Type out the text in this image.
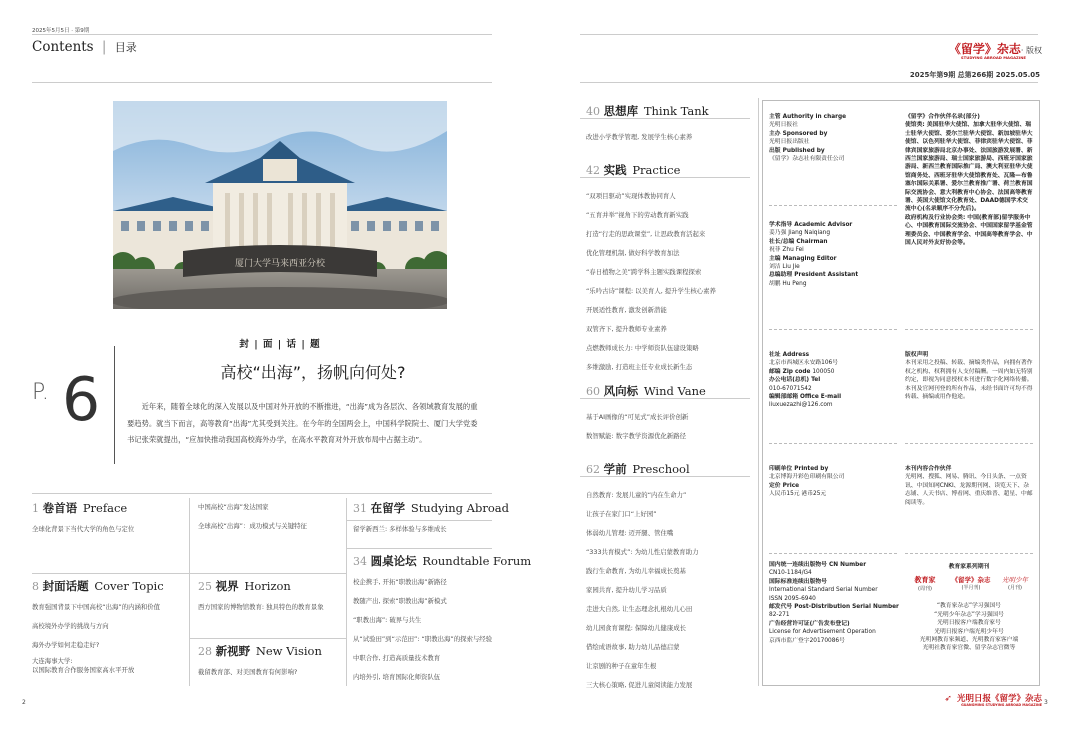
2025年5月5日 · 第9期
Contents | 目录
厦门大学马来西亚分校
封 | 面 | 话 | 题
高校“出海”，扬帆向何处?
P. 6	近年来，随着全球化的深入发展以及中国对外开放的不断推进，“出海”成为各层次、各领域教育发展的重要趋势。就当下而言，高等教育“出海”尤其受到关注。在今年的全国两会上，中国科学院院士、厦门大学党委书记张荣就提出，“应加快推动我国高校海外办学，在高水平教育对外开放布局中占据主动”。
1 卷首语 Preface
全球化背景下当代大学的角色与定位
8 封面话题 Cover Topic
教育强国背景下中国高校“出海”的内涵和价值
高校境外办学的挑战与方向
海外办学如何走稳走好?
大连海事大学:
以国际教育合作服务国家高水平开放
中国高校“出海”发达国家
全球高校“出海”：成功模式与关键特征
25 视界 Horizon
西方国家的博物馆教育: 独具特色的教育景象
28 新视野 New Vision
截留教育部、对美国教育有何影响?
31 在留学 Studying Abroad
留学新西兰: 多样体验与多维成长
34 圆桌论坛 Roundtable Forum
校企携手, 开拓“职教出海”新路径
教随产出, 探索“职教出海”新模式
“职教出海”: 破界与共生
从“试验田”到“示范田”: “职教出海”的探索与经验
中职合作, 打造高质量技术教育
内培外引, 培育国际化师资队伍
2
《留学》杂志· 版权
STUDYING ABROAD MAGAZINE
2025年第9期 总第266期 2025.05.05
40 思想库 Think Tank
改进小学教学管理, 发展学生核心素养
42 实践 Practice
“双项目驱动”实现体教协同育人
“五育并举”视角下的劳动教育新实践
打造“行走的思政课堂”, 让思政教育活起来
优化管理机制, 做好科学教育加法
“春日植物之美”跨学科主题实践课程探索
“乐吟古诗”课程: 以美育人, 提升学生核心素养
开展适性教育, 激发创新潜能
双管齐下, 提升教师专业素养
点燃教师成长力: 中学师资队伍建设策略
多维激励, 打造班主任专业成长新生态
60 风向标 Wind Vane
基于AI画像的“可见式”成长评价创新
数智赋能: 数字教学资源优化新路径
62 学前 Preschool
自然教育: 发展儿童的“内在生命力”
让孩子在家门口“上好园”
体弱幼儿管理: 迈开腿、管住嘴
“333共育模式”: 为幼儿性启蒙教育助力
践行生命教育, 为幼儿幸福成长奠基
家园共育, 提升幼儿学习品质
走进大自然, 让生态理念扎根幼儿心田
幼儿园食育课程: 保障幼儿健康成长
借绘成语故事, 助力幼儿品德启蒙
让京剧的种子在童年生根
三大核心策略, 促进儿童阅读能力发展
主管 Authority in charge
光明日报社
主办 Sponsored by
光明日报出版社
出版 Published by
《留学》杂志社有限责任公司
学术指导 Academic Advisor
姜乃强 Jiang Naiqiang
社长/总编 Chairman
祝菲 Zhu Fei
主编 Managing Editor
刘洁 Liu Jie
总编助理 President Assistant
胡鹏 Hu Peng
社址 Address
北京市西城区永安路106号
邮编 Zip code 100050
办公电话(总机) Tel
010-67071542
编辑部邮箱 Office E-mail
liuxuezazhi@126.com
印刷单位 Printed by
北京博海升彩色印刷有限公司
定价 Price
人民币15元 港币25元
国内统一连续出版物号 CN Number
CN10-1184/G4
国际标准连续出版物号
International Standard Serial Number
ISSN 2095-6940
邮发代号 Post-Distribution Serial Number
82-271
广告经营许可证(广告发布登记)
License for Advertisement Operation
京西市监广登字20170086号
《留学》合作伙伴名录(部分)
使馆类: 美国驻华大使馆、加拿大驻华大使馆、瑞士驻华大使馆、爱尔兰驻华大使馆、新加坡驻华大使馆、以色列驻华大使馆、菲律宾驻华大使馆、菲律宾国家旅游局北京办事处、法国旅游发展署、新西兰国家旅游局、瑞士国家旅游局、西班牙国家旅游局、新西兰教育国际推广局、澳大利亚驻华大使馆商务处、西班牙驻华大使馆教育处、瓦隆—布鲁塞尔国际关系署、爱尔兰教育推广署、荷兰教育国际交流协会、意大利教育中心协会、法国高等教育署、英国大使馆文化教育处、DAAD德国学术交流中心(名录顺序不分先后)。
政府机构及行业协会类: 中国(教育部)留学服务中心、中国教育国际交流协会、中国国家留学基金管理委员会、中国教育学会、中国高等教育学会、中国人民对外友好协会等。
版权声明
本刊采用之投稿、转载、摘编类作品，向拥有著作权之机构、权利拥有人支付稿酬。一周内如无特别约定，即视为同意授权本刊进行数字化网络传播。本刊及官网刊登的所有作品，未经书面许可均不得转载、摘编或用作他途。
本刊内容合作伙伴
光明网、搜狐、网易、腾讯、今日头条、一点资讯、中国知网CNKI、龙源期刊网、读览天下、杂志铺、人天书店、博看网、重庆维普、超星、中邮阅读等。
教育家系列期刊
教育家
(周刊)
《留学》杂志
(半月刊)
光明少年
(月刊)
“教育家杂志”学习强国号
“光明少年杂志”学习强国号
光明日报客户端教育家号
光明日报客户端光明少年号
光明网教育家频道、光明教育家客户端
光明社教育家官微、留学杂志官微等
➶ 光明日报《留学》杂志
GUANGMING STUDYING ABROAD MAGAZINE 3
